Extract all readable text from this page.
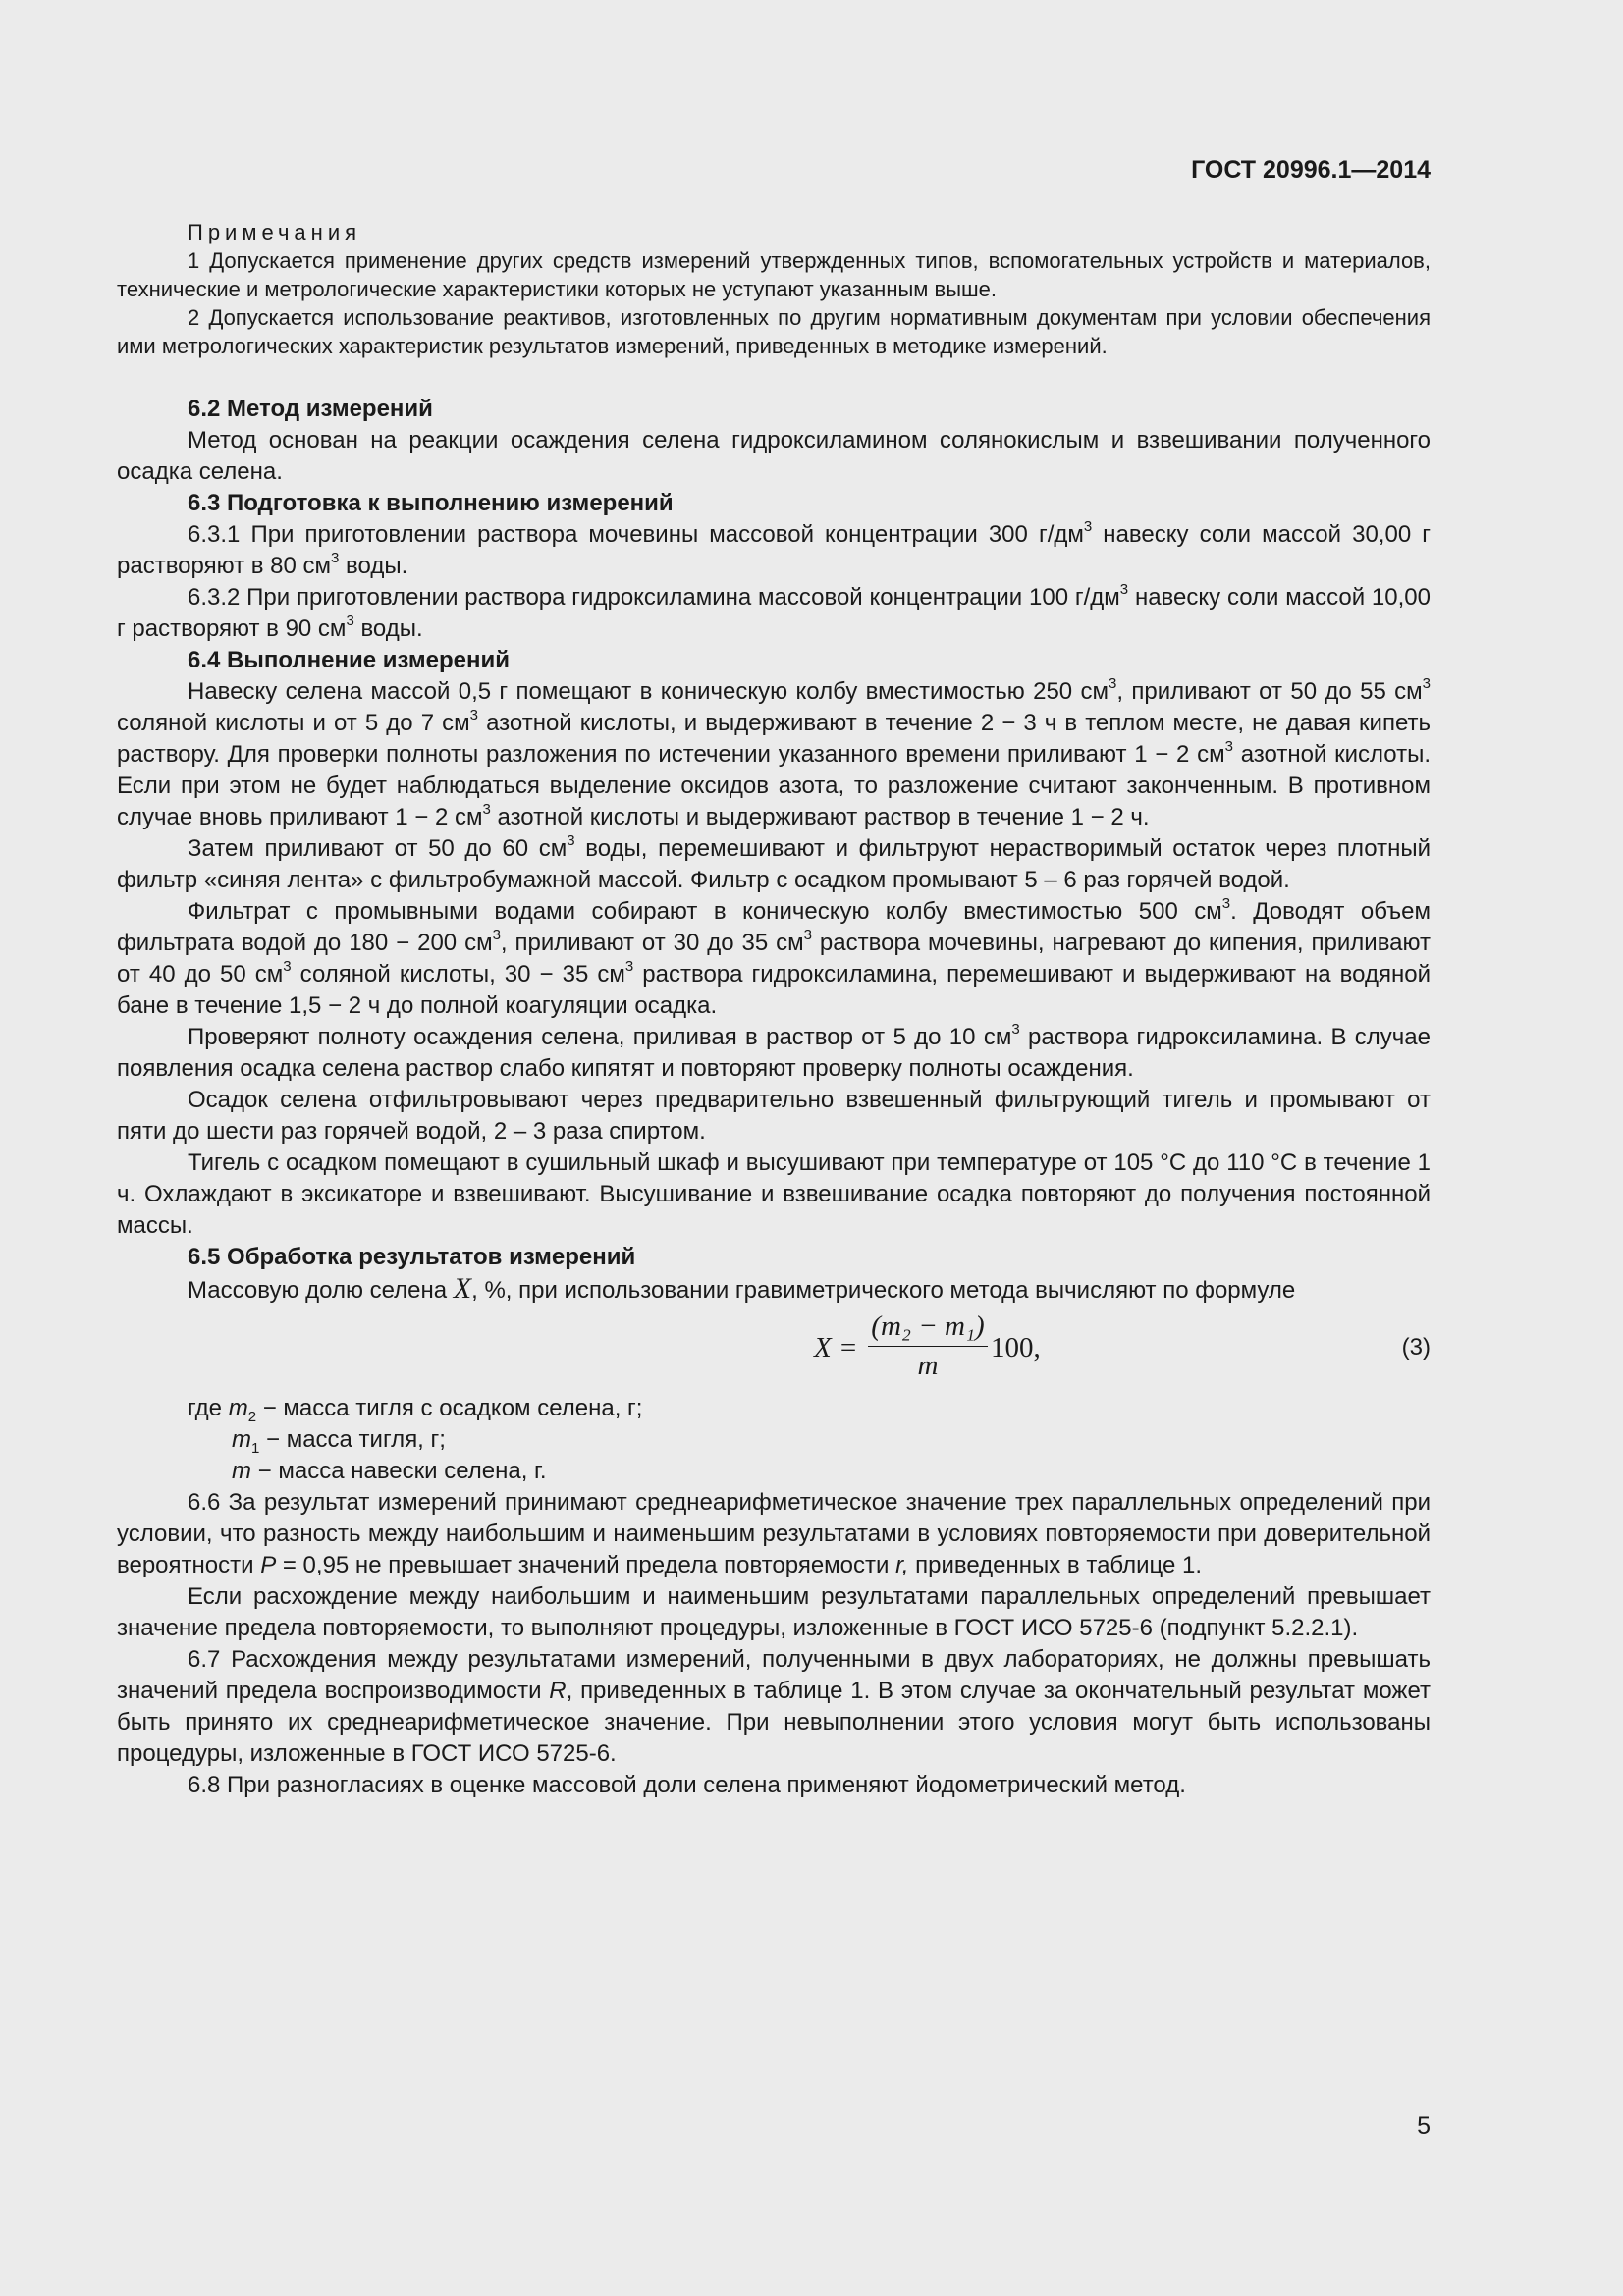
ГОСТ 20996.1—2014
Примечания

1 Допускается применение других средств измерений утвержденных типов, вспомогательных устройств и материалов, технические и метрологические характеристики которых не уступают указанным выше.

2 Допускается использование реактивов, изготовленных по другим нормативным документам при условии обеспечения ими метрологических характеристик результатов измерений, приведенных в методике измерений.

6.2 Метод измерений

Метод основан на реакции осаждения селена гидроксиламином солянокислым и взвешивании полученного осадка селена.

6.3 Подготовка к выполнению измерений

6.3.1 При приготовлении раствора мочевины массовой концентрации 300 $г/дм^3$ навеску соли массой 30,00 г растворяют в 80 $см^3$ воды.

6.3.2 При приготовлении раствора гидроксиламина массовой концентрации 100 $г/дм^3$ навеску соли массой 10,00 г растворяют в 90 $см^3$ воды.

6.4 Выполнение измерений

Навеску селена массой 0,5 г помещают в коническую колбу вместимостью 250 $см^3$, приливают от 50 до 55 $см^3$ соляной кислоты и от 5 до 7 $см^3$ азотной кислоты, и выдерживают в течение 2 − 3 ч в теплом месте, не давая кипеть раствору. Для проверки полноты разложения по истечении указанного времени приливают 1 − 2 $см^3$ азотной кислоты. Если при этом не будет наблюдаться выделение оксидов азота, то разложение считают законченным. В противном случае вновь приливают 1 − 2 $см^3$ азотной кислоты и выдерживают раствор в течение 1 − 2 ч.

Затем приливают от 50 до 60 $см^3$ воды, перемешивают и фильтруют нерастворимый остаток через плотный фильтр «синяя лента» с фильтробумажной массой. Фильтр с осадком промывают 5 – 6 раз горячей водой.

Фильтрат с промывными водами собирают в коническую колбу вместимостью 500 $см^3$. Доводят объем фильтрата водой до 180 − 200 $см^3$, приливают от 30 до 35 $см^3$ раствора мочевины, нагревают до кипения, приливают от 40 до 50 $см^3$ соляной кислоты, 30 − 35 $см^3$ раствора гидроксиламина, перемешивают и выдерживают на водяной бане в течение 1,5 − 2 ч до полной коагуляции осадка.

Проверяют полноту осаждения селена, приливая в раствор от 5 до 10 $см^3$ раствора гидроксиламина. В случае появления осадка селена раствор слабо кипятят и повторяют проверку полноты осаждения.

Осадок селена отфильтровывают через предварительно взвешенный фильтрующий тигель и промывают от пяти до шести раз горячей водой, 2 – 3 раза спиртом.

Тигель с осадком помещают в сушильный шкаф и высушивают при температуре от 105 °С до 110 °С в течение 1 ч. Охлаждают в эксикаторе и взвешивают. Высушивание и взвешивание осадка повторяют до получения постоянной массы.

6.5 Обработка результатов измерений

Массовую долю селена X, %, при использовании гравиметрического метода вычисляют по формуле

X =
(m₂ − m₁)
m
100,	(3)
где $m_2$ − масса тигля с осадком селена, г;
$m_1$ − масса тигля, г;
m − масса навески селена, г.

6.6 За результат измерений принимают среднеарифметическое значение трех параллельных определений при условии, что разность между наибольшим и наименьшим результатами в условиях повторяемости при доверительной вероятности P = 0,95 не превышает значений предела повторяемости r, приведенных в таблице 1.

Если расхождение между наибольшим и наименьшим результатами параллельных определений превышает значение предела повторяемости, то выполняют процедуры, изложенные в ГОСТ ИСО 5725-6 (подпункт 5.2.2.1).

6.7 Расхождения между результатами измерений, полученными в двух лабораториях, не должны превышать значений предела воспроизводимости R, приведенных в таблице 1. В этом случае за окончательный результат может быть принято их среднеарифметическое значение. При невыполнении этого условия могут быть использованы процедуры, изложенные в ГОСТ ИСО 5725-6.

6.8 При разногласиях в оценке массовой доли селена применяют йодометрический метод.

5
